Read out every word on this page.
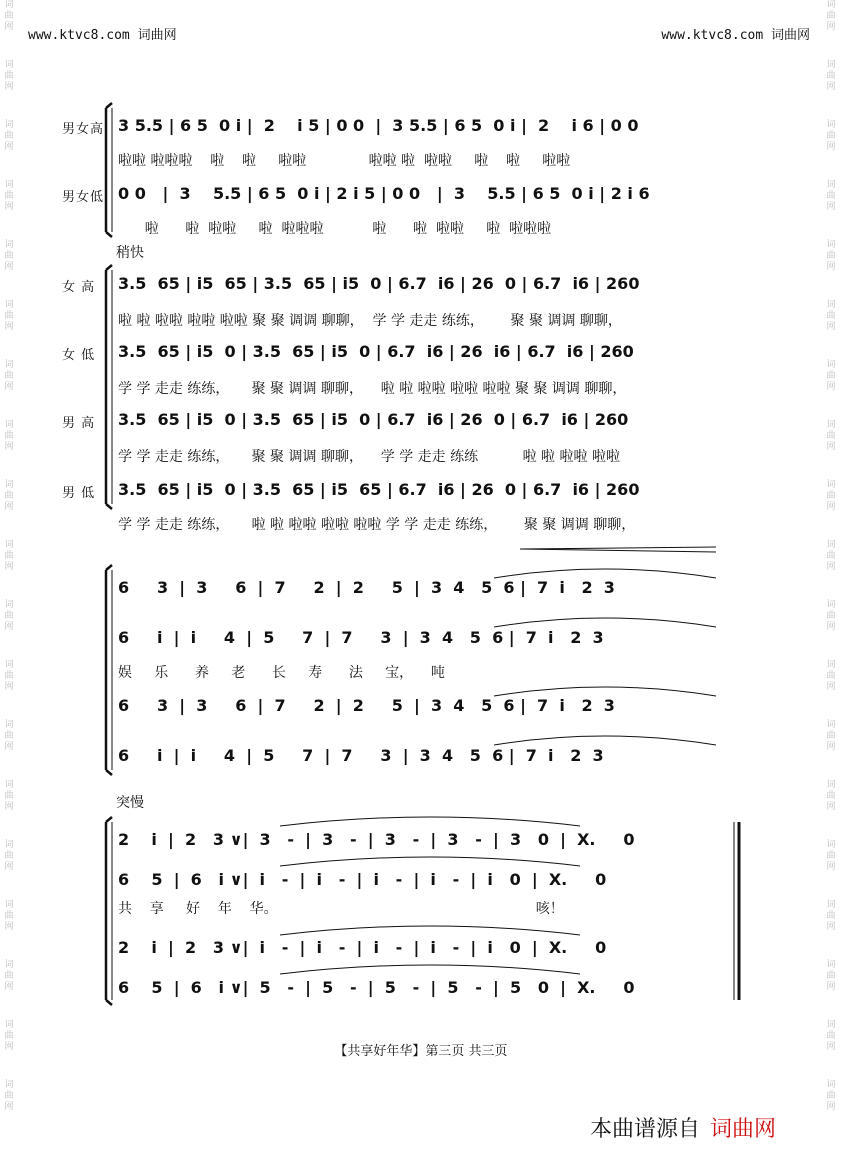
www.ktvc8.com 词曲网	www.ktvc8.com 词曲网
词
曲
网
词
曲
网
词
曲
网
词
曲
网
词
曲
网
词
曲
网
词
曲
网
词
曲
网
词
曲
网
词
曲
网
词
曲
网
词
曲
网
词
曲
网
词
曲
网
词
曲
网
词
曲
网
词
曲
网
词
曲
网
词
曲
网
词
曲
网
词
曲
网
词
曲
网
词
曲
网
词
曲
网
词
曲
网
词
曲
网
词
曲
网
词
曲
网
词
曲
网
词
曲
网
词
曲
网
词
曲
网
词
曲
网
词
曲
网
词
曲
网
词
曲
网
词
曲
网
词
曲
网
男女高 3 5.5 | 6 5  0 i |  2    i 5 | 0 0  |  3 5.5 | 6 5  0 i |  2    i 6 | 0 0
啦啦 啦啦啦    啦    啦     啦啦              啦啦 啦  啦啦     啦    啦     啦啦
男女低 0 0   |  3    5.5 | 6 5  0 i | 2 i 5 | 0 0   |  3    5.5 | 6 5  0 i | 2 i 6
啦      啦  啦啦     啦  啦啦啦           啦      啦  啦啦     啦  啦啦啦
稍快
女 高 3.5  65 | i5  65 | 3.5  65 | i5  0 | 6.7  i6 | 26  0 | 6.7  i6 | 260
啦 啦 啦啦 啦啦 啦啦 聚 聚 调调 聊聊，  学 学 走走 练练，      聚 聚 调调 聊聊，
女 低 3.5  65 | i5  0 | 3.5  65 | i5  0 | 6.7  i6 | 26  i6 | 6.7  i6 | 260
学 学 走走 练练，     聚 聚 调调 聊聊，    啦 啦 啦啦 啦啦 啦啦 聚 聚 调调 聊聊，
男 高 3.5  65 | i5  0 | 3.5  65 | i5  0 | 6.7  i6 | 26  0 | 6.7  i6 | 260
学 学 走走 练练，     聚 聚 调调 聊聊，    学 学 走走 练练          啦 啦 啦啦 啦啦
男 低 3.5  65 | i5  0 | 3.5  65 | i5  65 | 6.7  i6 | 26  0 | 6.7  i6 | 260
学 学 走走 练练，     啦 啦 啦啦 啦啦 啦啦 学 学 走走 练练，      聚 聚 调调 聊聊，
6     3  |  3     6  |  7     2  |  2     5  |  3  4   5  6 |  7  i   2  3
6     i  |  i     4  |  5     7  |  7     3  |  3  4   5  6 |  7  i   2  3
娱     乐      养     老      长     寿      法     宝，    吨
6     3  |  3     6  |  7     2  |  2     5  |  3  4   5  6 |  7  i   2  3
6     i  |  i     4  |  5     7  |  7     3  |  3  4   5  6 |  7  i   2  3
突慢
2    i  |  2   3 ∨|  3   -  |  3   -  |  3   -  |  3   -  |  3   0  |  X.     0
6    5  |  6   i ∨|  i   -  |  i   -  |  i   -  |  i   -  |  i   0  |  X.     0
共    享     好    年    华。                                                          咳！
2    i  |  2   3 ∨|  i   -  |  i   -  |  i   -  |  i   -  |  i   0  |  X.     0
6    5  |  6   i ∨|  5   -  |  5   -  |  5   -  |  5   -  |  5   0  |  X.     0
【共享好年华】第三页 共三页
本曲谱源自 词曲网
